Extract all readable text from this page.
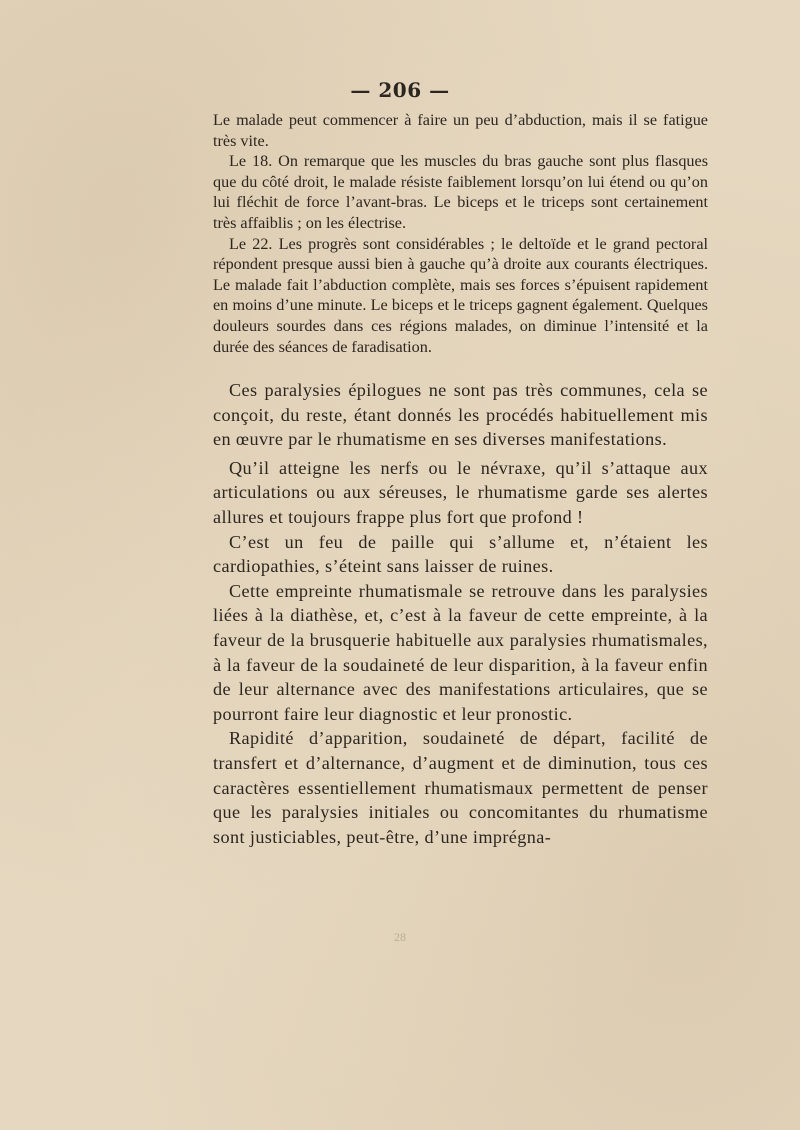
— 206 —

Le malade peut commencer à faire un peu d’abduction, mais il se fatigue très vite.

Le 18. On remarque que les muscles du bras gauche sont plus flasques que du côté droit, le malade résiste faiblement lorsqu’on lui étend ou qu’on lui fléchit de force l’avant-bras. Le biceps et le triceps sont certainement très affaiblis ; on les électrise.

Le 22. Les progrès sont considérables ; le deltoïde et le grand pectoral répondent presque aussi bien à gauche qu’à droite aux courants électriques. Le malade fait l’abduction complète, mais ses forces s’épuisent rapidement en moins d’une minute. Le biceps et le triceps gagnent également. Quelques douleurs sourdes dans ces régions malades, on diminue l’intensité et la durée des séances de faradisation.

Ces paralysies épilogues ne sont pas très communes, cela se conçoit, du reste, étant donnés les procédés habituellement mis en œuvre par le rhumatisme en ses diverses manifestations.

Qu’il atteigne les nerfs ou le névraxe, qu’il s’attaque aux articulations ou aux séreuses, le rhumatisme garde ses alertes allures et toujours frappe plus fort que profond !

C’est un feu de paille qui s’allume et, n’étaient les cardiopathies, s’éteint sans laisser de ruines.

Cette empreinte rhumatismale se retrouve dans les paralysies liées à la diathèse, et, c’est à la faveur de cette empreinte, à la faveur de la brusquerie habituelle aux paralysies rhumatismales, à la faveur de la soudaineté de leur disparition, à la faveur enfin de leur alternance avec des manifestations articulaires, que se pourront faire leur diagnostic et leur pronostic.

Rapidité d’apparition, soudaineté de départ, facilité de transfert et d’alternance, d’augment et de diminution, tous ces caractères essentiellement rhumatismaux permettent de penser que les paralysies initiales ou concomitantes du rhumatisme sont justiciables, peut-être, d’une imprégna-

28
